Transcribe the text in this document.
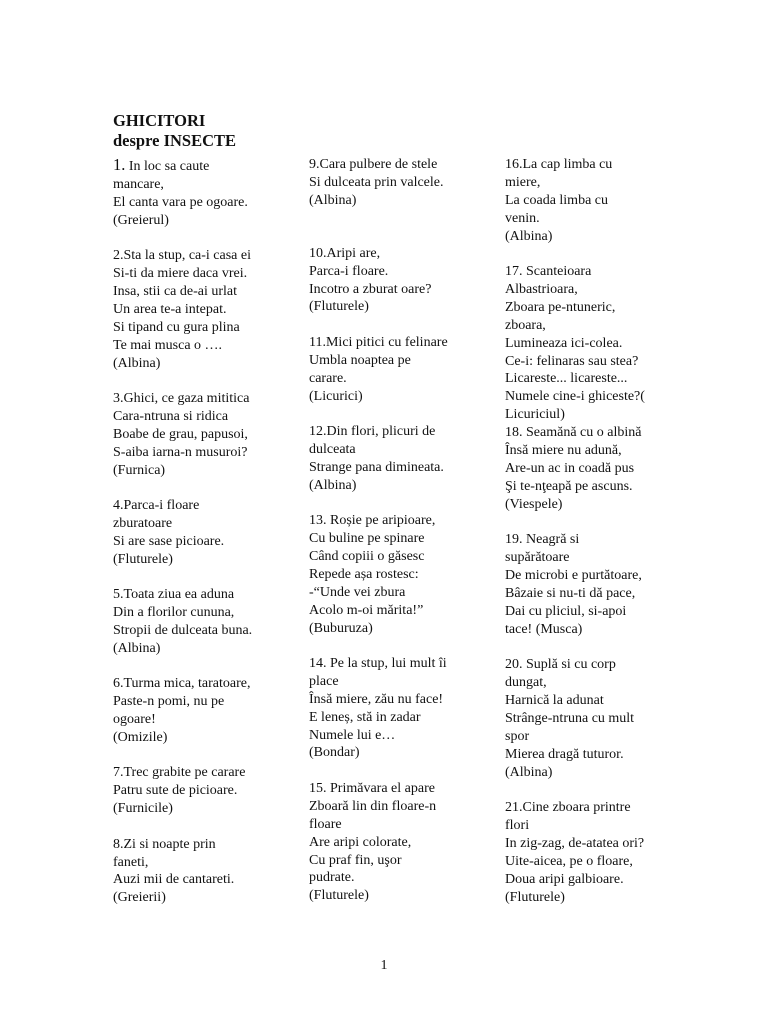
GHICITORI
despre INSECTE
1. In loc sa caute
mancare,
El canta vara pe ogoare.
(Greierul)
2.Sta la stup, ca-i casa ei
Si-ti da miere daca vrei.
Insa, stii ca de-ai urlat
Un area te-a intepat.
Si tipand cu gura plina
Te mai musca o ….
(Albina)
3.Ghici, ce gaza mititica
Cara-ntruna si ridica
Boabe de grau, papusoi,
S-aiba iarna-n musuroi?
(Furnica)
4.Parca-i floare
zburatoare
Si are sase picioare.
(Fluturele)
5.Toata ziua ea aduna
Din a florilor cununa,
Stropii de dulceata buna.
(Albina)
6.Turma mica, taratoare,
Paste-n pomi, nu pe
ogoare!
(Omizile)
7.Trec grabite pe carare
Patru sute de picioare.
(Furnicile)
8.Zi si noapte prin
faneti,
Auzi mii de cantareti.
(Greierii)
9.Cara pulbere de stele
Si dulceata prin valcele.
(Albina)
10.Aripi are,
Parca-i floare.
Incotro a zburat oare?
(Fluturele)
11.Mici pitici cu felinare
Umbla noaptea pe
carare.
(Licurici)
12.Din flori, plicuri de
dulceata
Strange pana dimineata.
(Albina)
13. Roșie pe aripioare,
Cu buline pe spinare
Când copiii o găsesc
Repede așa rostesc:
-“Unde vei zbura
Acolo m-oi mărita!”
(Buburuza)
14. Pe la stup, lui mult îi
place
Însă miere, zău nu face!
E leneș, stă in zadar
Numele lui e…
(Bondar)
15. Primăvara el apare
Zboară lin din floare-n
floare
Are aripi colorate,
Cu praf fin, uşor
pudrate.
(Fluturele)
16.La cap limba cu
miere,
La coada limba cu
venin.
(Albina)
17. Scanteioara
Albastrioara,
Zboara pe-ntuneric,
zboara,
Lumineaza ici-colea.
Ce-i: felinaras sau stea?
Licareste... licareste...
Numele cine-i ghiceste?(
Licuriciul)
18. Seamănă cu o albină
Însă miere nu adună,
Are-un ac in coadă pus
Şi te-nţeapă pe ascuns.
(Viespele)
19. Neagră si
supărătoare
De microbi e purtătoare,
Bâzaie si nu-ti dă pace,
Dai cu pliciul, si-apoi
tace! (Musca)
20. Suplă si cu corp
dungat,
Harnică la adunat
Strânge-ntruna cu mult
spor
Mierea dragă tuturor.
(Albina)
21.Cine zboara printre
flori
In zig-zag, de-atatea ori?
Uite-aicea, pe o floare,
Doua aripi galbioare.
(Fluturele)
1
